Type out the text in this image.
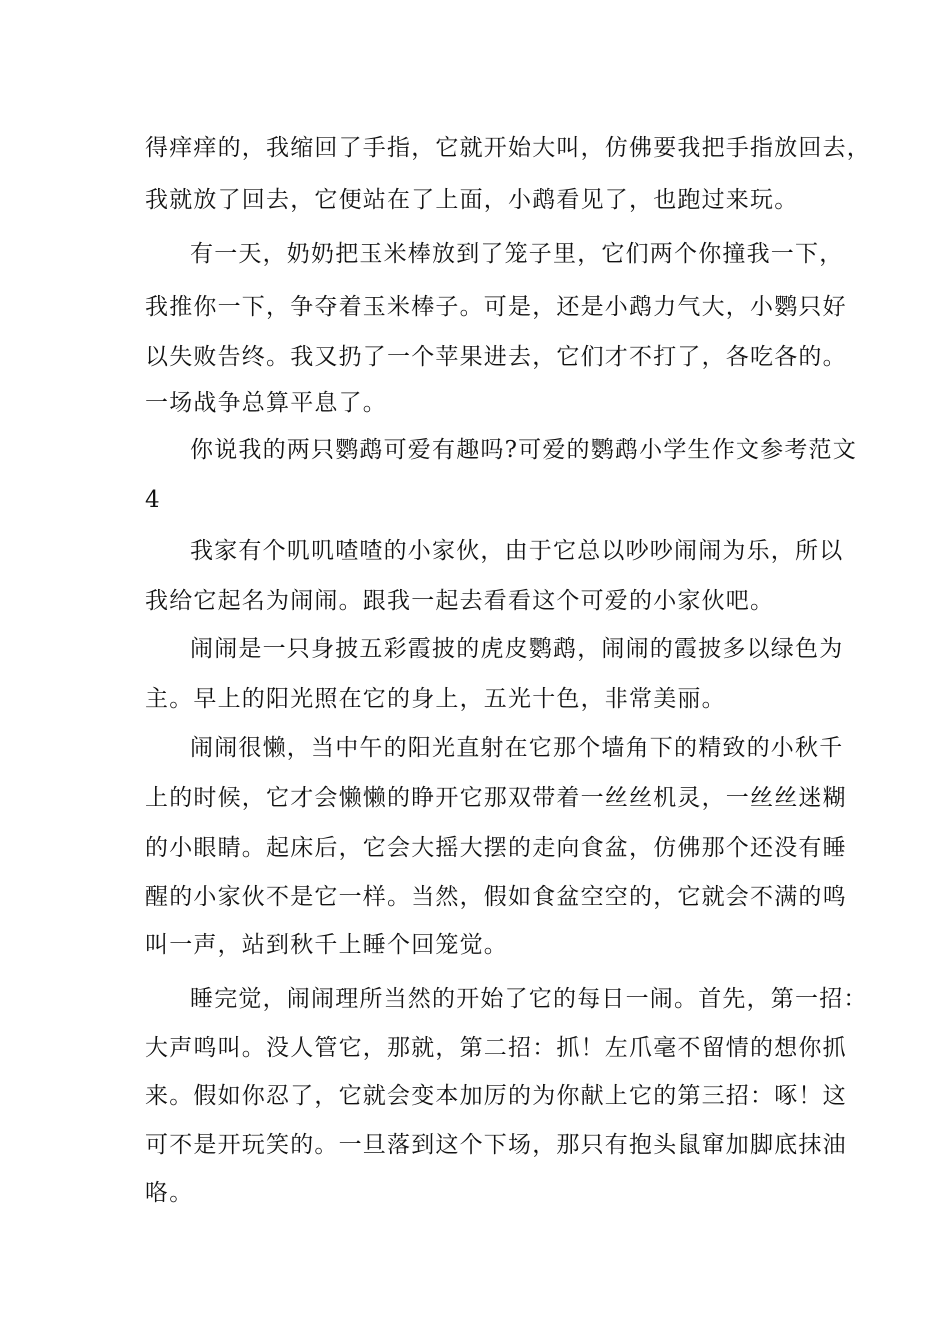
得痒痒的，我缩回了手指，它就开始大叫，仿佛要我把手指放回去，
我就放了回去，它便站在了上面，小鹉看见了，也跑过来玩。
有一天，奶奶把玉米棒放到了笼子里，它们两个你撞我一下，
我推你一下，争夺着玉米棒子。可是，还是小鹉力气大，小鹦只好
以失败告终。我又扔了一个苹果进去，它们才不打了，各吃各的。
一场战争总算平息了。
你说我的两只鹦鹉可爱有趣吗?可爱的鹦鹉小学生作文参考范文
4
我家有个叽叽喳喳的小家伙，由于它总以吵吵闹闹为乐，所以
我给它起名为闹闹。跟我一起去看看这个可爱的小家伙吧。
闹闹是一只身披五彩霞披的虎皮鹦鹉，闹闹的霞披多以绿色为
主。早上的阳光照在它的身上，五光十色，非常美丽。
闹闹很懒，当中午的阳光直射在它那个墙角下的精致的小秋千
上的时候，它才会懒懒的睁开它那双带着一丝丝机灵，一丝丝迷糊
的小眼睛。起床后，它会大摇大摆的走向食盆，仿佛那个还没有睡
醒的小家伙不是它一样。当然，假如食盆空空的，它就会不满的鸣
叫一声，站到秋千上睡个回笼觉。
睡完觉，闹闹理所当然的开始了它的每日一闹。首先，第一招：
大声鸣叫。没人管它，那就，第二招：抓！左爪毫不留情的想你抓
来。假如你忍了，它就会变本加厉的为你献上它的第三招：啄！这
可不是开玩笑的。一旦落到这个下场，那只有抱头鼠窜加脚底抹油
咯。
